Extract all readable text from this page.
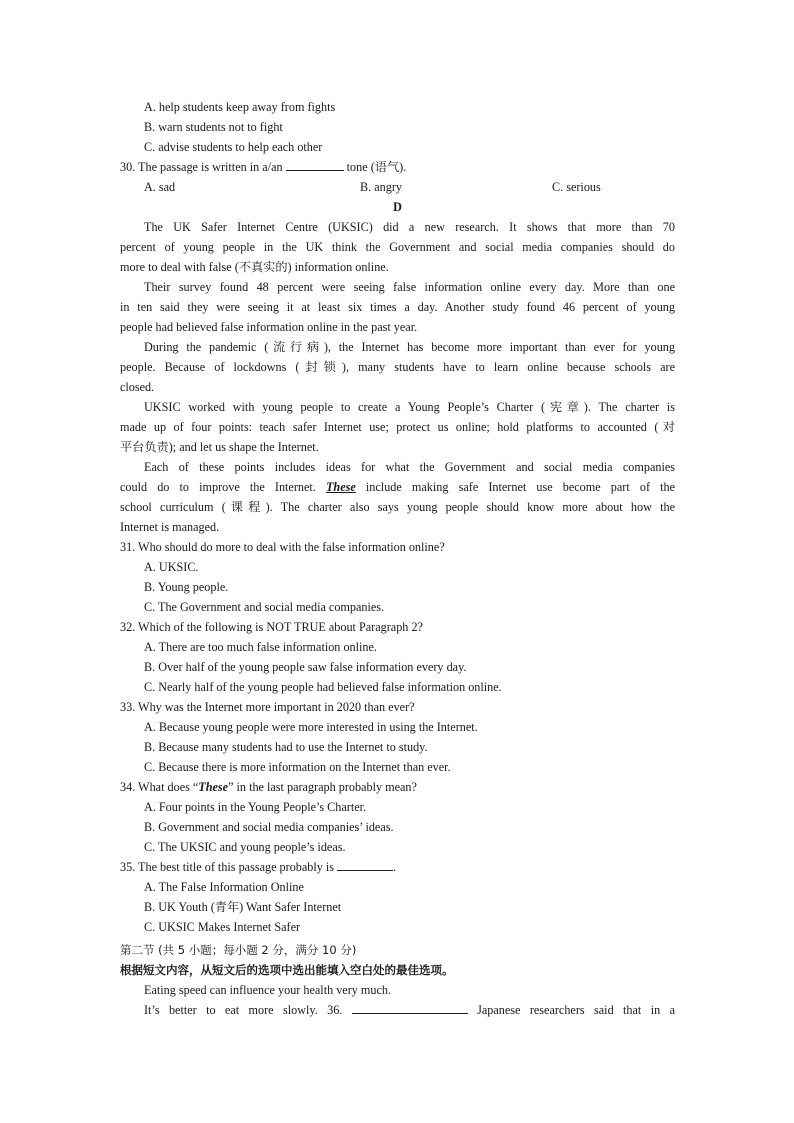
A. help students keep away from fights
B. warn students not to fight
C. advise students to help each other
30. The passage is written in a/an	tone (语气).
A. sad	B. angry	C. serious
D
The UK Safer Internet Centre (UKSIC) did a new research. It shows that more than 70
percent of young people in the UK think the Government and social media companies should do
more to deal with false (不真实的) information online.
Their survey found 48 percent were seeing false information online every day. More than one
in ten said they were seeing it at least six times a day. Another study found 46 percent of young
people had believed false information online in the past year.
During the pandemic (流行病), the Internet has become more important than ever for young
people. Because of lockdowns (封锁), many students have to learn online because schools are
closed.
UKSIC worked with young people to create a Young People’s Charter (宪章). The charter is
made up of four points: teach safer Internet use; protect us online; hold platforms to accounted (对
平台负责); and let us shape the Internet.
Each of these points includes ideas for what the Government and social media companies
could do to improve the Internet. These include making safe Internet use become part of the
school curriculum (课程). The charter also says young people should know more about how the
Internet is managed.
31. Who should do more to deal with the false information online?
A. UKSIC.
B. Young people.
C. The Government and social media companies.
32. Which of the following is NOT TRUE about Paragraph 2?
A. There are too much false information online.
B. Over half of the young people saw false information every day.
C. Nearly half of the young people had believed false information online.
33. Why was the Internet more important in 2020 than ever?
A. Because young people were more interested in using the Internet.
B. Because many students had to use the Internet to study.
C. Because there is more information on the Internet than ever.
34. What does “These” in the last paragraph probably mean?
A. Four points in the Young People’s Charter.
B. Government and social media companies’ ideas.
C. The UKSIC and young people’s ideas.
35. The best title of this passage probably is	.
A. The False Information Online
B. UK Youth (青年) Want Safer Internet
C. UKSIC Makes Internet Safer
第二节 (共 5 小题；每小题 2 分，满分 10 分)
根据短文内容，从短文后的选项中选出能填入空白处的最佳选项。
Eating speed can influence your health very much.
It’s better to eat more slowly. 36.	Japanese researchers said that in a
